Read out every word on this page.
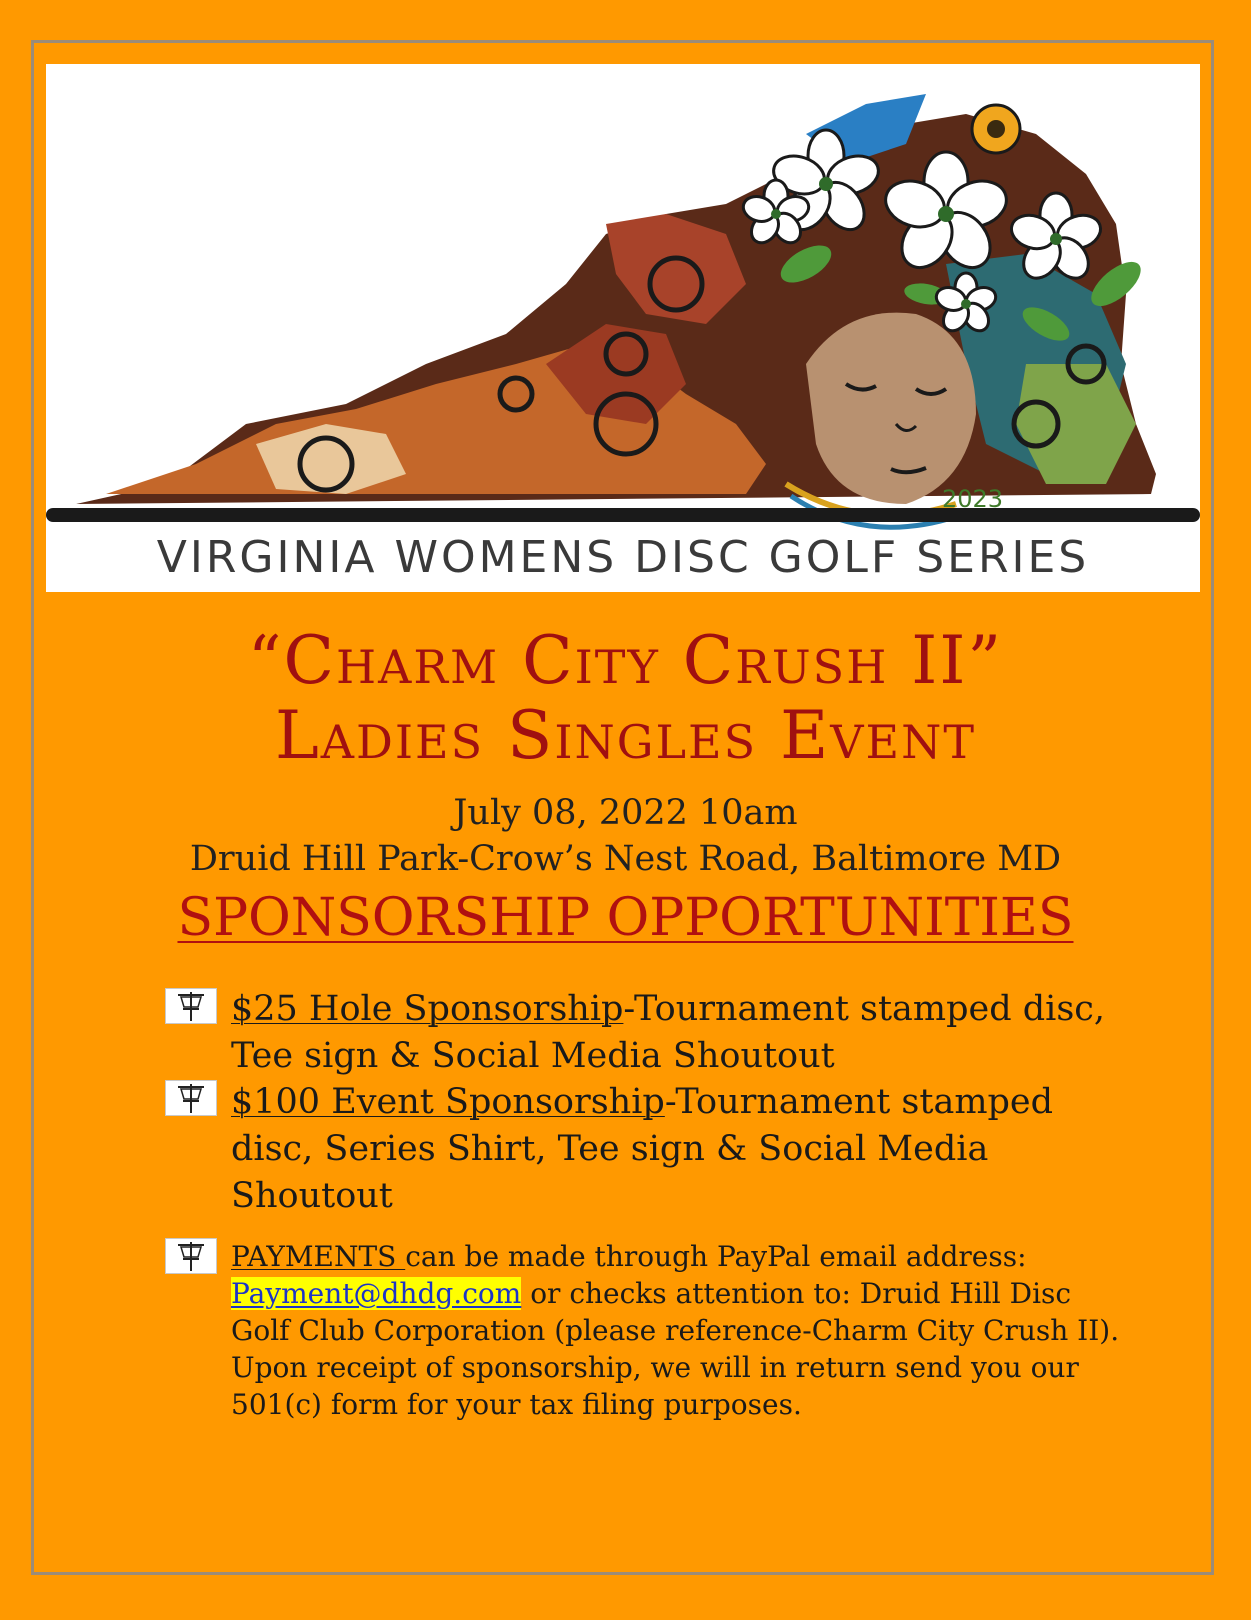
2023
VIRGINIA WOMENS DISC GOLF SERIES
“Charm City Crush II”
Ladies Singles Event
July 08, 2022 10am
Druid Hill Park-Crow’s Nest Road, Baltimore MD
SPONSORSHIP OPPORTUNITIES
$25 Hole Sponsorship-Tournament stamped disc,
Tee sign & Social Media Shoutout
$100 Event Sponsorship-Tournament stamped
disc, Series Shirt, Tee sign & Social Media
Shoutout
PAYMENTS can be made through PayPal email address:
Payment@dhdg.com or checks attention to: Druid Hill Disc
Golf Club Corporation (please reference-Charm City Crush II).
Upon receipt of sponsorship, we will in return send you our
501(c) form for your tax filing purposes.
